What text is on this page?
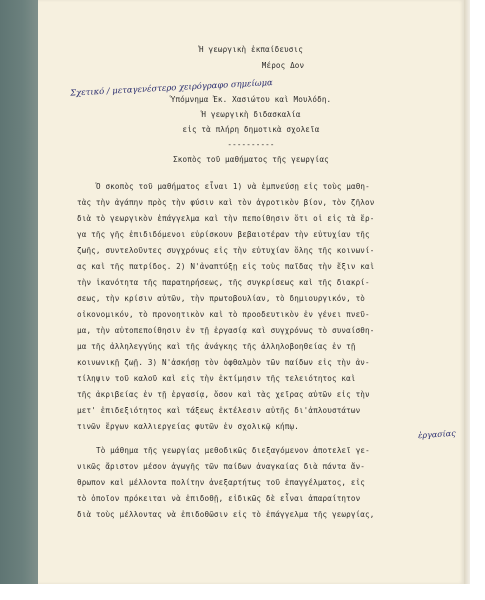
Ἡ γεωργικὴ ἐκπαίδευσις
Μέρος Δον
Σχετικό / μεταγενέστερο χειρόγραφο σημείωμα
Ὑπόμνημα Ἐκ. Χασιώτου καὶ Μουλόδη.
Ἡ γεωργικὴ διδασκαλία
εἰς τὰ πλήρη δημοτικὰ σχολεῖα
----------
Σκοπὸς τοῦ μαθήματος τῆς γεωργίας
Ὁ σκοπὸς τοῦ μαθήματος εἶναι 1) νὰ ἐμπνεύσῃ εἰς τοὺς μαθη-
τὰς τὴν ἀγάπην πρὸς τὴν φύσιν καὶ τὸν ἀγροτικὸν βίον, τὸν ζῆλον
διὰ τὸ γεωργικὸν ἐπάγγελμα καὶ τὴν πεποίθησιν ὅτι οἱ εἰς τὰ ἔρ-
γα τῆς γῆς ἐπιδιδόμενοι εὑρίσκουν βεβαιοτέραν τὴν εὐτυχίαν τῆς
ζωῆς, συντελοῦντες συγχρόνως εἰς τὴν εὐτυχίαν ὅλης τῆς κοινωνί-
ας καὶ τῆς πατρίδος. 2) Ν'ἀναπτύξῃ εἰς τοὺς παῖδας τὴν ἕξιν καὶ
τὴν ἱκανότητα τῆς παρατηρήσεως, τῆς συγκρίσεως καὶ τῆς διακρί-
σεως, τὴν κρίσιν αὐτῶν, τὴν πρωτοβουλίαν, τὸ δημιουργικόν, τὸ
οἰκονομικόν, τὸ προνοητικὸν καὶ τὸ προοδευτικὸν ἐν γένει πνεῦ-
μα, τὴν αὐτοπεποίθησιν ἐν τῇ ἐργασίᾳ καὶ συγχρόνως τὸ συναίσθη-
μα τῆς ἀλληλεγγύης καὶ τῆς ἀνάγκης τῆς ἀλληλοβοηθείας ἐν τῇ
κοινωνικῇ ζωῇ. 3) Ν'ἀσκήσῃ τὸν ὀφθαλμὸν τῶν παίδων εἰς τὴν ἀν-
τίληψιν τοῦ καλοῦ καὶ εἰς τὴν ἐκτίμησιν τῆς τελειότητος καὶ
τῆς ἀκριβείας ἐν τῇ ἐργασίᾳ, ὅσον καὶ τὰς χεῖρας αὐτῶν εἰς τὴν
μετ' ἐπιδεξιότητος καὶ τάξεως ἐκτέλεσιν αὐτῆς δι'ἀπλουστάτων
τινῶν ἔργων καλλιεργείας φυτῶν ἐν σχολικῷ κήπῳ.
ἐργασίας
Τὸ μάθημα τῆς γεωργίας μεθοδικῶς διεξαγόμενον ἀποτελεῖ γε-
νικῶς ἄριστον μέσον ἀγωγῆς τῶν παίδων ἀναγκαίας διὰ πάντα ἄν-
θρωπον καὶ μέλλοντα πολίτην ἀνεξαρτήτως τοῦ ἐπαγγέλματος, εἰς
τὸ ὁποῖον πρόκειται νὰ ἐπιδοθῇ, εἰδικῶς δὲ εἶναι ἀπαραίτητον
διὰ τοὺς μέλλοντας νὰ ἐπιδοθῶσιν εἰς τὸ ἐπάγγελμα τῆς γεωργίας,
